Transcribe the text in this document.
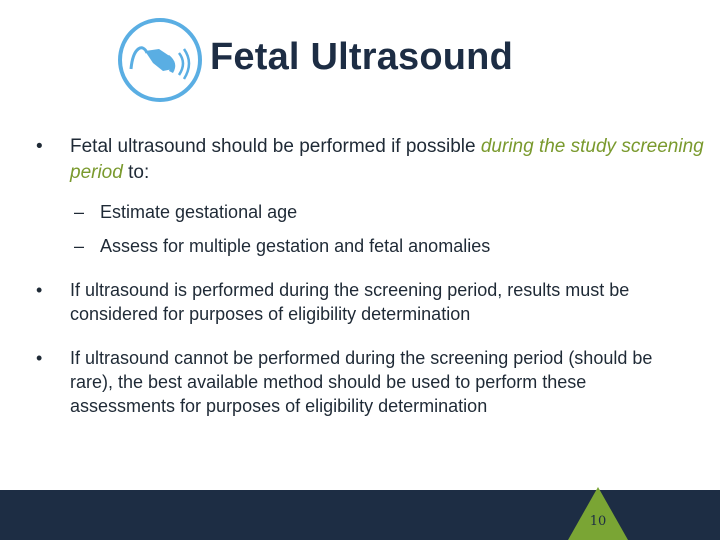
Fetal Ultrasound
•	Fetal ultrasound should be performed if possible during the study screening period to:
– Estimate gestational age
– Assess for multiple gestation and fetal anomalies
•	If ultrasound is performed during the screening period, results must be considered for purposes of eligibility determination
•	If ultrasound cannot be performed during the screening period (should be rare), the best available method should be used to perform these assessments for purposes of eligibility determination
10
